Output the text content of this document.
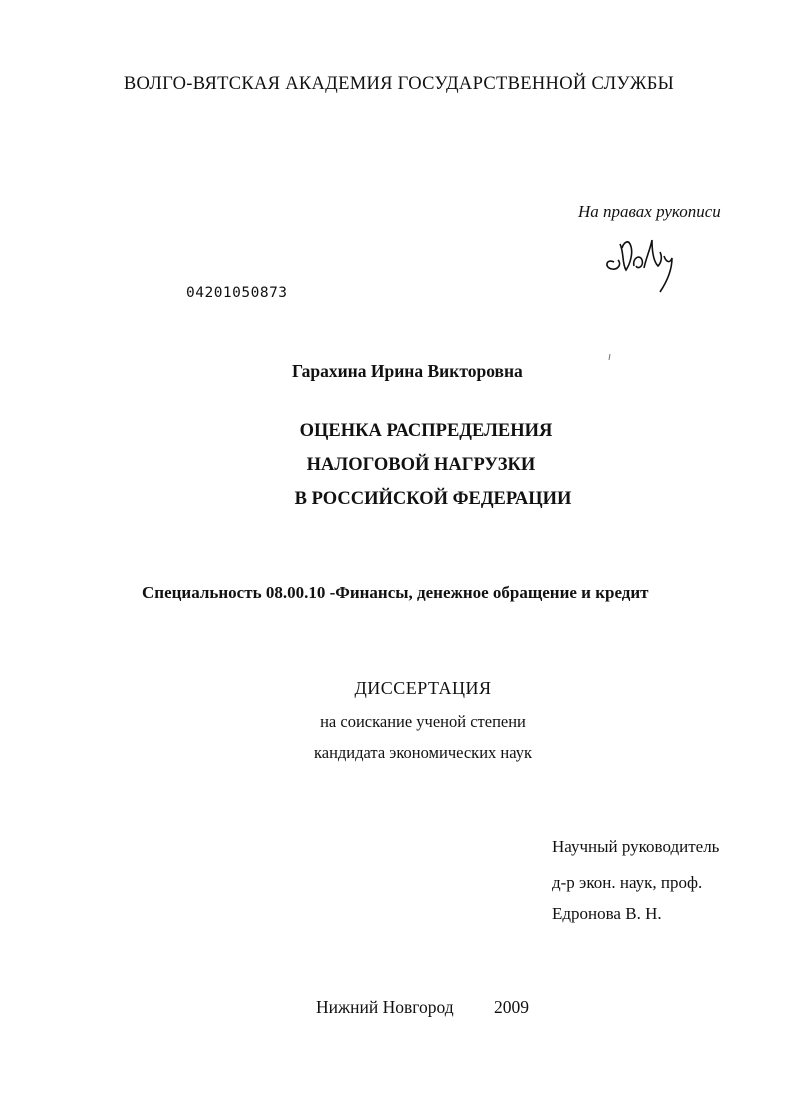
ВОЛГО-ВЯТСКАЯ АКАДЕМИЯ ГОСУДАРСТВЕННОЙ СЛУЖБЫ
На правах рукописи
04201050873
Гарахина Ирина Викторовна
ОЦЕНКА РАСПРЕДЕЛЕНИЯ
НАЛОГОВОЙ НАГРУЗКИ
В РОССИЙСКОЙ ФЕДЕРАЦИИ
Специальность 08.00.10 -Финансы, денежное обращение и кредит
ДИССЕРТАЦИЯ
на соискание ученой степени
кандидата экономических наук
Научный руководитель
д-р экон. наук, проф.
Едронова В. Н.
Нижний Новгород 2009
